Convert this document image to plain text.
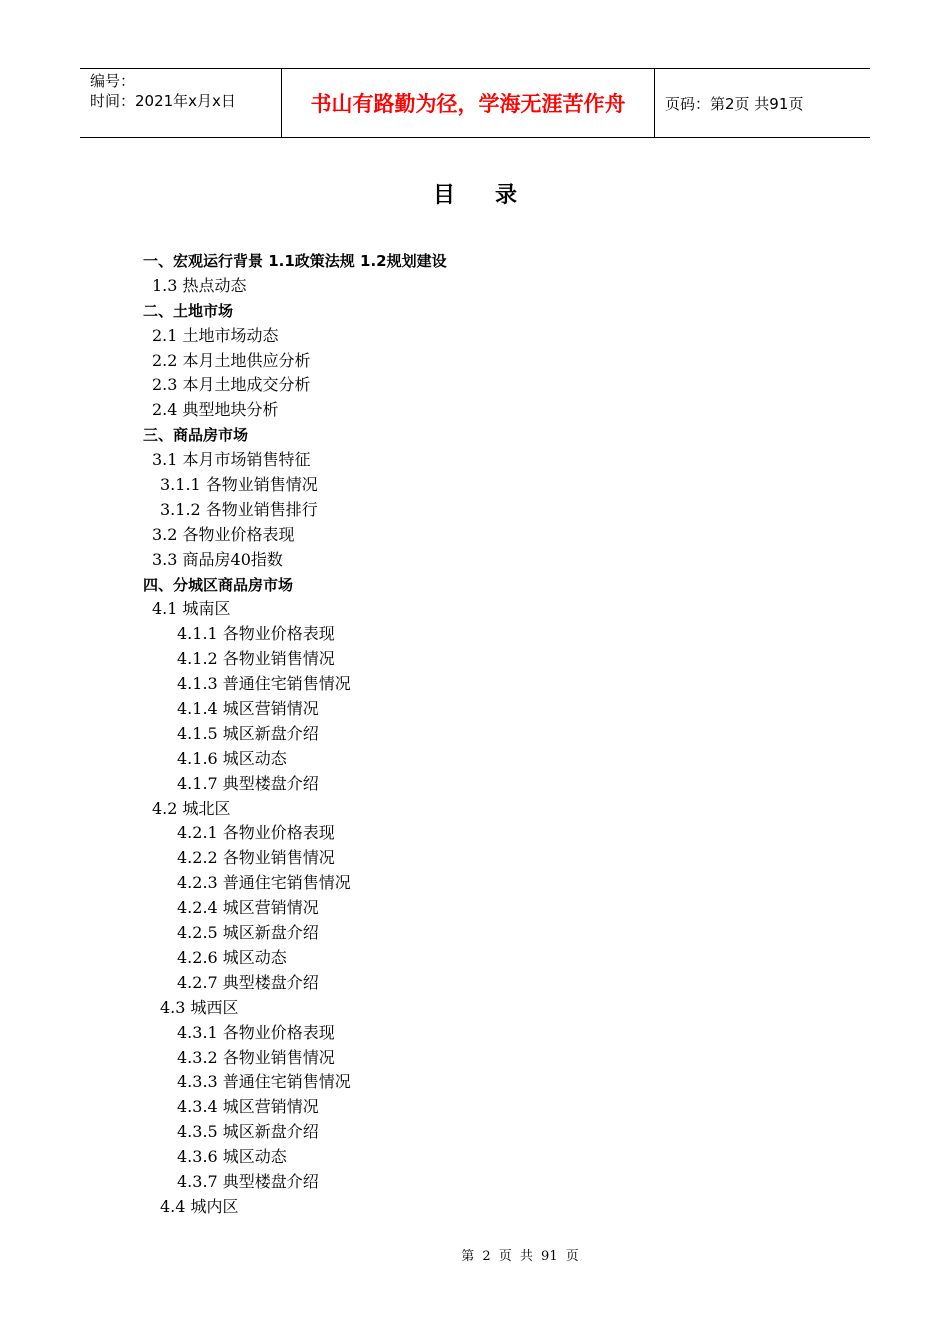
编号：
时间：2021年x月x日	书山有路勤为径，学海无涯苦作舟	页码：第2页 共91页
目录
一、宏观运行背景 1.1政策法规 1.2规划建设
1.3 热点动态
二、土地市场
2.1 土地市场动态
2.2 本月土地供应分析
2.3 本月土地成交分析
2.4 典型地块分析
三、商品房市场
3.1 本月市场销售特征
3.1.1 各物业销售情况
3.1.2 各物业销售排行
3.2 各物业价格表现
3.3 商品房40指数
四、分城区商品房市场
4.1 城南区
4.1.1 各物业价格表现
4.1.2 各物业销售情况
4.1.3 普通住宅销售情况
4.1.4 城区营销情况
4.1.5 城区新盘介绍
4.1.6 城区动态
4.1.7 典型楼盘介绍
4.2 城北区
4.2.1 各物业价格表现
4.2.2 各物业销售情况
4.2.3 普通住宅销售情况
4.2.4 城区营销情况
4.2.5 城区新盘介绍
4.2.6 城区动态
4.2.7 典型楼盘介绍
4.3 城西区
4.3.1 各物业价格表现
4.3.2 各物业销售情况
4.3.3 普通住宅销售情况
4.3.4 城区营销情况
4.3.5 城区新盘介绍
4.3.6 城区动态
4.3.7 典型楼盘介绍
4.4 城内区
第 2 页 共 91 页
